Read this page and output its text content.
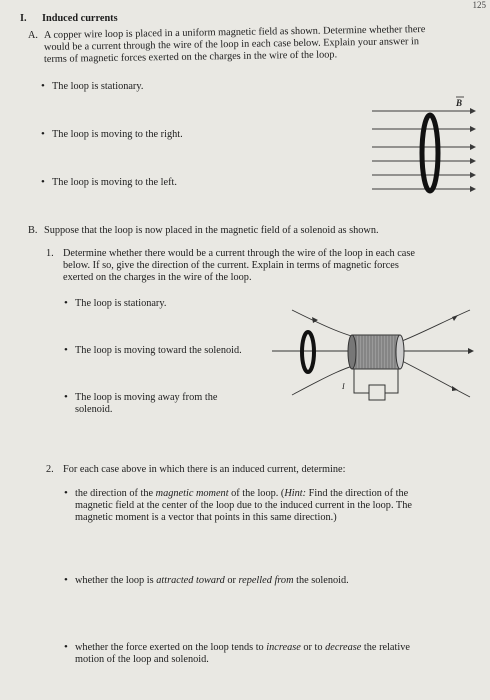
125
I. Induced currents
A. A copper wire loop is placed in a uniform magnetic field as shown. Determine whether there
would be a current through the wire of the loop in each case below. Explain your answer in
terms of magnetic forces exerted on the charges in the wire of the loop.
• The loop is stationary.
• The loop is moving to the right.
• The loop is moving to the left.
B
B. Suppose that the loop is now placed in the magnetic field of a solenoid as shown.
1. Determine whether there would be a current through the wire of the loop in each case
below. If so, give the direction of the current. Explain in terms of magnetic forces
exerted on the charges in the wire of the loop.
• The loop is stationary.
• The loop is moving toward the solenoid.
• The loop is moving away from the
solenoid.
I
2. For each case above in which there is an induced current, determine:
• the direction of the magnetic moment of the loop. (Hint: Find the direction of the
magnetic field at the center of the loop due to the induced current in the loop. The
magnetic moment is a vector that points in this same direction.)
• whether the loop is attracted toward or repelled from the solenoid.
• whether the force exerted on the loop tends to increase or to decrease the relative
motion of the loop and solenoid.
